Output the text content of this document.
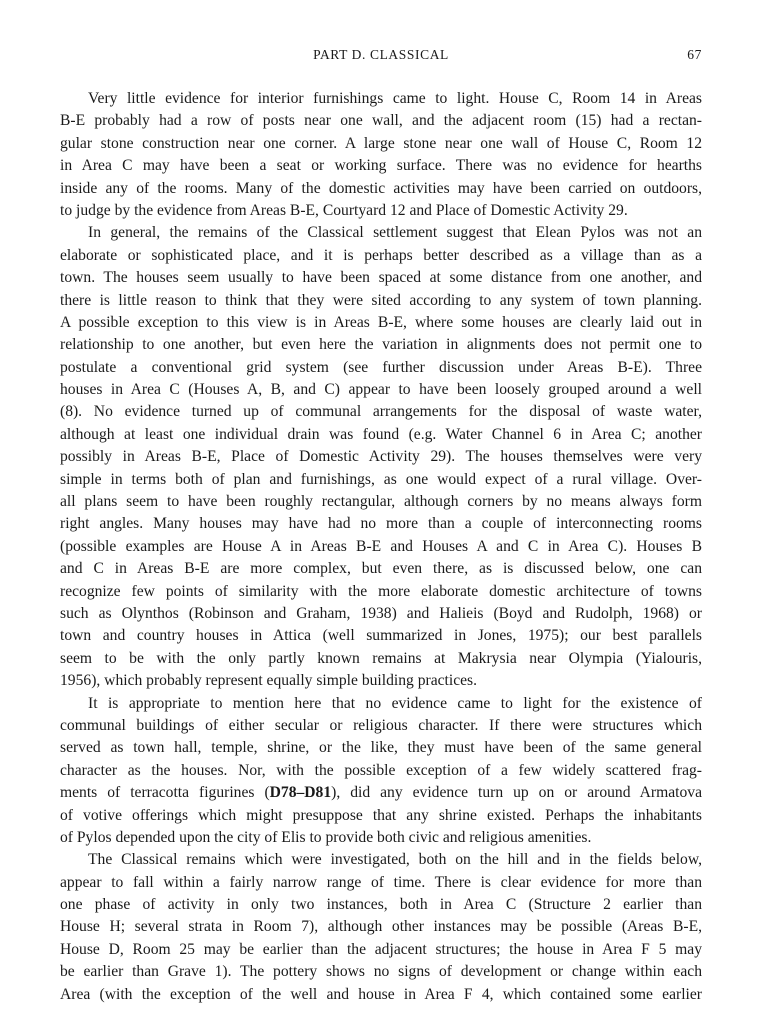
PART D. CLASSICAL	67
Very little evidence for interior furnishings came to light. House C, Room 14 in Areas
B-E probably had a row of posts near one wall, and the adjacent room (15) had a rectan-
gular stone construction near one corner. A large stone near one wall of House C, Room 12
in Area C may have been a seat or working surface. There was no evidence for hearths
inside any of the rooms. Many of the domestic activities may have been carried on outdoors,
to judge by the evidence from Areas B-E, Courtyard 12 and Place of Domestic Activity 29.
In general, the remains of the Classical settlement suggest that Elean Pylos was not an
elaborate or sophisticated place, and it is perhaps better described as a village than as a
town. The houses seem usually to have been spaced at some distance from one another, and
there is little reason to think that they were sited according to any system of town planning.
A possible exception to this view is in Areas B-E, where some houses are clearly laid out in
relationship to one another, but even here the variation in alignments does not permit one to
postulate a conventional grid system (see further discussion under Areas B-E). Three
houses in Area C (Houses A, B, and C) appear to have been loosely grouped around a well
(8). No evidence turned up of communal arrangements for the disposal of waste water,
although at least one individual drain was found (e.g. Water Channel 6 in Area C; another
possibly in Areas B-E, Place of Domestic Activity 29). The houses themselves were very
simple in terms both of plan and furnishings, as one would expect of a rural village. Over-
all plans seem to have been roughly rectangular, although corners by no means always form
right angles. Many houses may have had no more than a couple of interconnecting rooms
(possible examples are House A in Areas B-E and Houses A and C in Area C). Houses B
and C in Areas B-E are more complex, but even there, as is discussed below, one can
recognize few points of similarity with the more elaborate domestic architecture of towns
such as Olynthos (Robinson and Graham, 1938) and Halieis (Boyd and Rudolph, 1968) or
town and country houses in Attica (well summarized in Jones, 1975); our best parallels
seem to be with the only partly known remains at Makrysia near Olympia (Yialouris,
1956), which probably represent equally simple building practices.
It is appropriate to mention here that no evidence came to light for the existence of
communal buildings of either secular or religious character. If there were structures which
served as town hall, temple, shrine, or the like, they must have been of the same general
character as the houses. Nor, with the possible exception of a few widely scattered frag-
ments of terracotta figurines (D78–D81), did any evidence turn up on or around Armatova
of votive offerings which might presuppose that any shrine existed. Perhaps the inhabitants
of Pylos depended upon the city of Elis to provide both civic and religious amenities.
The Classical remains which were investigated, both on the hill and in the fields below,
appear to fall within a fairly narrow range of time. There is clear evidence for more than
one phase of activity in only two instances, both in Area C (Structure 2 earlier than
House H; several strata in Room 7), although other instances may be possible (Areas B-E,
House D, Room 25 may be earlier than the adjacent structures; the house in Area F 5 may
be earlier than Grave 1). The pottery shows no signs of development or change within each
Area (with the exception of the well and house in Area F 4, which contained some earlier
